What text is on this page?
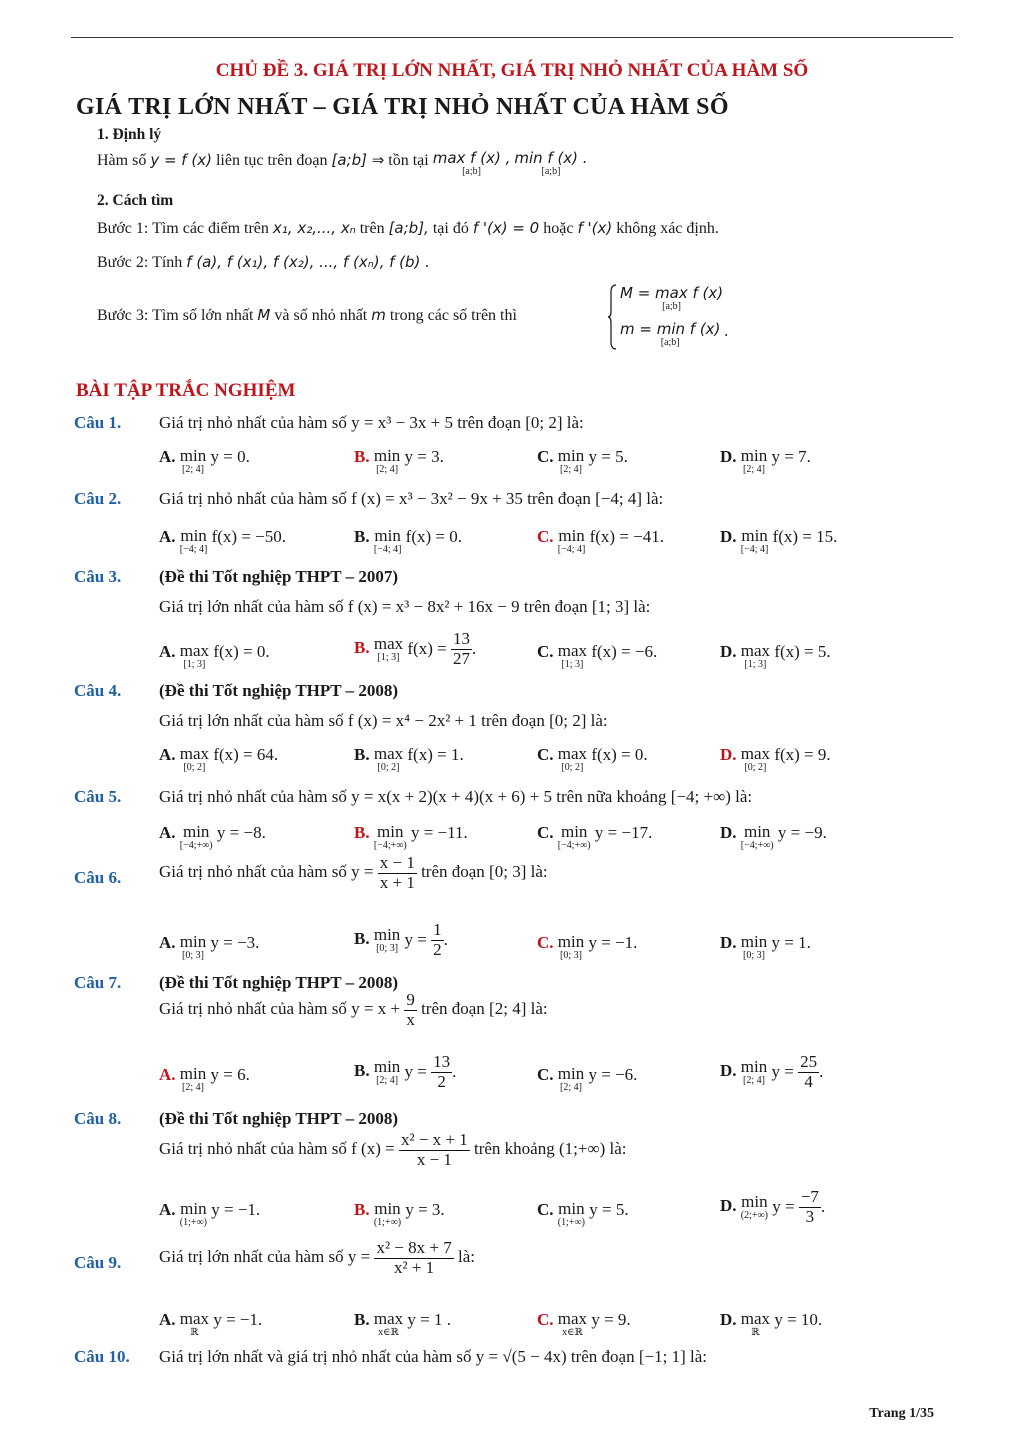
CHỦ ĐỀ 3. GIÁ TRỊ LỚN NHẤT, GIÁ TRỊ NHỎ NHẤT CỦA HÀM SỐ
GIÁ TRỊ LỚN NHẤT – GIÁ TRỊ NHỎ NHẤT CỦA HÀM SỐ
1. Định lý
Hàm số y = f (x) liên tục trên đoạn [a;b] ⇒ tồn tại max f (x) ,
[a;b]

min f (x) .
[a;b]
2. Cách tìm
Bước 1: Tìm các điểm trên x₁, x₂,..., xₙ trên [a;b], tại đó f '(x) = 0 hoặc f '(x) không xác định.
Bước 2: Tính f (a), f (x₁), f (x₂), ..., f (xₙ), f (b) .
Bước 3: Tìm số lớn nhất M và số nhỏ nhất m trong các số trên thì
M = max f (x)
[a;b]
m = min f (x)
[a;b]
.
BÀI TẬP TRẮC NGHIỆM
Câu 1. Giá trị nhỏ nhất của hàm số y = x³ − 3x + 5 trên đoạn [0; 2] là:
A. min
[2; 4]
y = 0.	B. min
[2; 4]
y = 3.	C. min
[2; 4]
y = 5.	D. min
[2; 4]
y = 7.
Câu 2. Giá trị nhỏ nhất của hàm số f (x) = x³ − 3x² − 9x + 35 trên đoạn [−4; 4] là:
A. min
[−4; 4]
f(x) = −50.	B. min
[−4; 4]
f(x) = 0.	C. min
[−4; 4]
f(x) = −41.	D. min
[−4; 4]
f(x) = 15.
Câu 3. (Đề thi Tốt nghiệp THPT – 2007)
Giá trị lớn nhất của hàm số f (x) = x³ − 8x² + 16x − 9 trên đoạn [1; 3] là:
A. max
[1; 3]
f(x) = 0.	B. max
[1; 3] $f(x) = \frac{13}{27}$ .	C. max
[1; 3]
f(x) = −6.	D. max
[1; 3]
f(x) = 5.
Câu 4. (Đề thi Tốt nghiệp THPT – 2008)
Giá trị lớn nhất của hàm số f (x) = x⁴ − 2x² + 1 trên đoạn [0; 2] là:
A. max
[0; 2]
f(x) = 64.	B. max
[0; 2]
f(x) = 1.	C. max
[0; 2]
f(x) = 0.	D. max
[0; 2]
f(x) = 9.
Câu 5. Giá trị nhỏ nhất của hàm số y = x(x + 2)(x + 4)(x + 6) + 5 trên nữa khoảng [−4; +∞) là:
A. min
[−4;+∞)
y = −8.	B. min
[−4;+∞)
y = −11.	C. min
[−4;+∞)
y = −17.	D. min
[−4;+∞)
y = −9.
Câu 6. Giá trị nhỏ nhất của hàm số $y = \frac{x - 1}{x + 1}$ trên đoạn [0; 3] là:
A. min
[0; 3]
y = −3.	B. min
[0; 3] $y = \frac{1}{2}$ .	C. min
[0; 3]
y = −1.	D. min
[0; 3]
y = 1.
Câu 7. (Đề thi Tốt nghiệp THPT – 2008)
Giá trị nhỏ nhất của hàm số $y = x + \frac{9}{x}$ trên đoạn [2; 4] là:
A. min
[2; 4]
y = 6.	B. min
[2; 4] $y = \frac{13}{2}$ .	C. min
[2; 4]
y = −6.	D. min
[2; 4] $y = \frac{25}{4}$ .
Câu 8. (Đề thi Tốt nghiệp THPT – 2008)
Giá trị nhỏ nhất của hàm số f $(x) = \frac{\text{x² − x + 1}}{x - 1}$ trên khoảng (1;+∞) là:
A. min
(1;+∞)
y = −1.	B. min
(1;+∞)
y = 3.	C. min
(1;+∞)
y = 5.	D. min
(2;+∞) $y = \frac{-7}{3}$ .
Câu 9. Giá trị lớn nhất của hàm số $y = \frac{\text{x² − 8x + 7}}{\text{x² + 1}}$ là:
A. max
ℝ
y = −1.	B. max
x∈ℝ
y = 1 .	C. max
x∈ℝ
y = 9.	D. max
ℝ
y = 10.
Câu 10. Giá trị lớn nhất và giá trị nhỏ nhất của hàm số y = √(5 − 4x) trên đoạn [−1; 1] là:
Trang 1/35
